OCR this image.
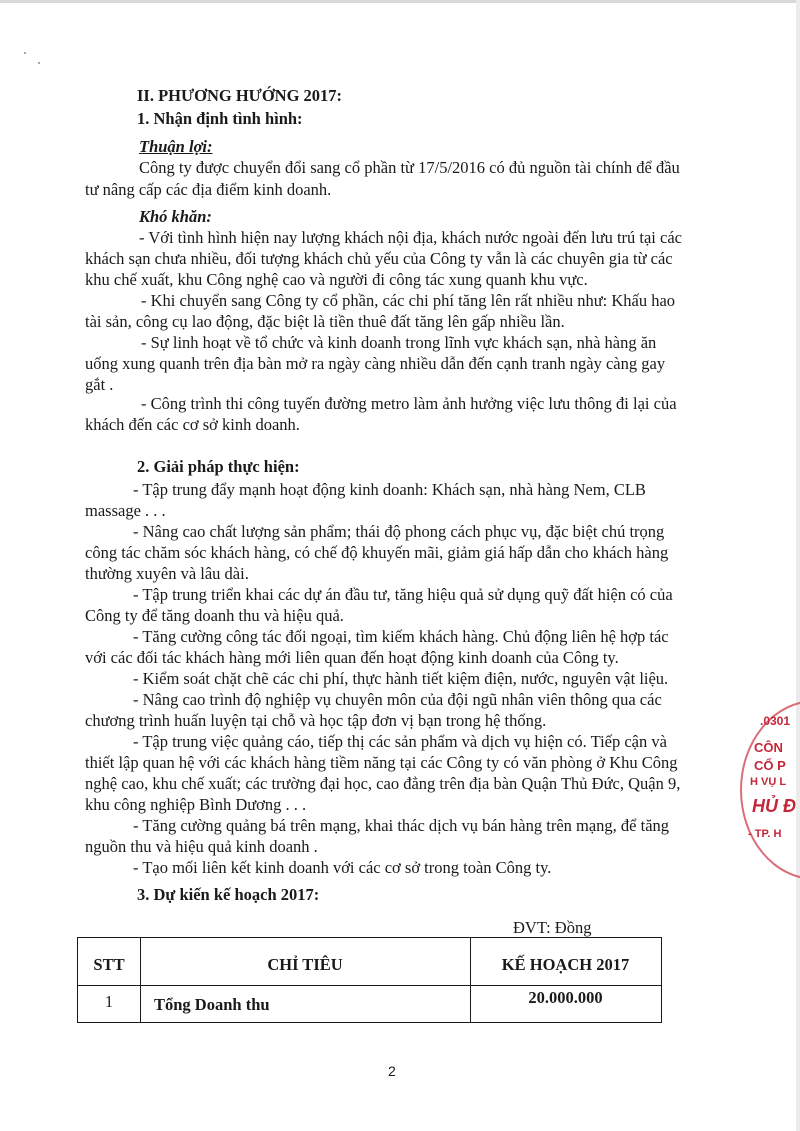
II. PHƯƠNG HƯỚNG 2017:
1. Nhận định tình hình:
Thuận lợi:
Công ty được chuyển đổi sang cổ phần từ 17/5/2016 có đủ nguồn tài chính để đầu
tư nâng cấp các địa điểm kinh doanh.
Khó khăn:
- Với tình hình hiện nay lượng khách nội địa, khách nước ngoài đến lưu trú tại các
khách sạn chưa nhiều, đối tượng khách chủ yếu của Công ty vẫn là các chuyên gia từ các
khu chế xuất, khu Công nghệ cao và người đi công tác xung quanh khu vực.
- Khi chuyển sang Công ty cổ phần, các chi phí tăng lên rất nhiều như: Khấu hao
tài sản, công cụ lao động, đặc biệt là tiền thuê đất tăng lên gấp nhiều lần.
- Sự linh hoạt về tổ chức và kinh doanh trong lĩnh vực khách sạn, nhà hàng ăn
uống xung quanh trên địa bàn mở ra ngày càng nhiều dẫn đến cạnh tranh ngày càng gay
gắt .
- Công trình thi công tuyến đường metro làm ảnh hưởng việc lưu thông đi lại của
khách đến các cơ sở kinh doanh.
2. Giải pháp thực hiện:
- Tập trung đẩy mạnh hoạt động kinh doanh: Khách sạn, nhà hàng Nem, CLB
massage . . .
- Nâng cao chất lượng sản phẩm; thái độ phong cách phục vụ, đặc biệt chú trọng
công tác chăm sóc khách hàng, có chế độ khuyến mãi, giảm giá hấp dẫn cho khách hàng
thường xuyên và lâu dài.
- Tập trung triển khai các dự án đầu tư, tăng hiệu quả sử dụng quỹ đất hiện có của
Công ty để tăng doanh thu và hiệu quả.
- Tăng cường công tác đối ngoại, tìm kiếm khách hàng. Chủ động liên hệ hợp tác
với các đối tác khách hàng mới liên quan đến hoạt động kinh doanh của Công ty.
- Kiểm soát chặt chẽ các chi phí, thực hành tiết kiệm điện, nước, nguyên vật liệu.
- Nâng cao trình độ nghiệp vụ chuyên môn của đội ngũ nhân viên thông qua các
chương trình huấn luyện tại chỗ và học tập đơn vị bạn trong hệ thống.
- Tập trung việc quảng cáo, tiếp thị các sản phẩm và dịch vụ hiện có. Tiếp cận và
thiết lập quan hệ với các khách hàng tiềm năng tại các Công ty có văn phòng ở Khu Công
nghệ cao, khu chế xuất; các trường đại học, cao đẳng trên địa bàn Quận Thủ Đức, Quận 9,
khu công nghiệp Bình Dương . . .
- Tăng cường quảng bá trên mạng, khai thác dịch vụ bán hàng trên mạng, để tăng
nguồn thu và hiệu quả kinh doanh .
- Tạo mối liên kết kinh doanh với các cơ sở trong toàn Công ty.
3. Dự kiến kế hoạch 2017:
ĐVT: Đồng
STT	CHỈ TIÊU	KẾ HOẠCH 2017
1	Tổng Doanh thu	20.000.000
.0301
CÔN
CỔ P
H VỤ L
HỦ Đ
- TP. H
2
